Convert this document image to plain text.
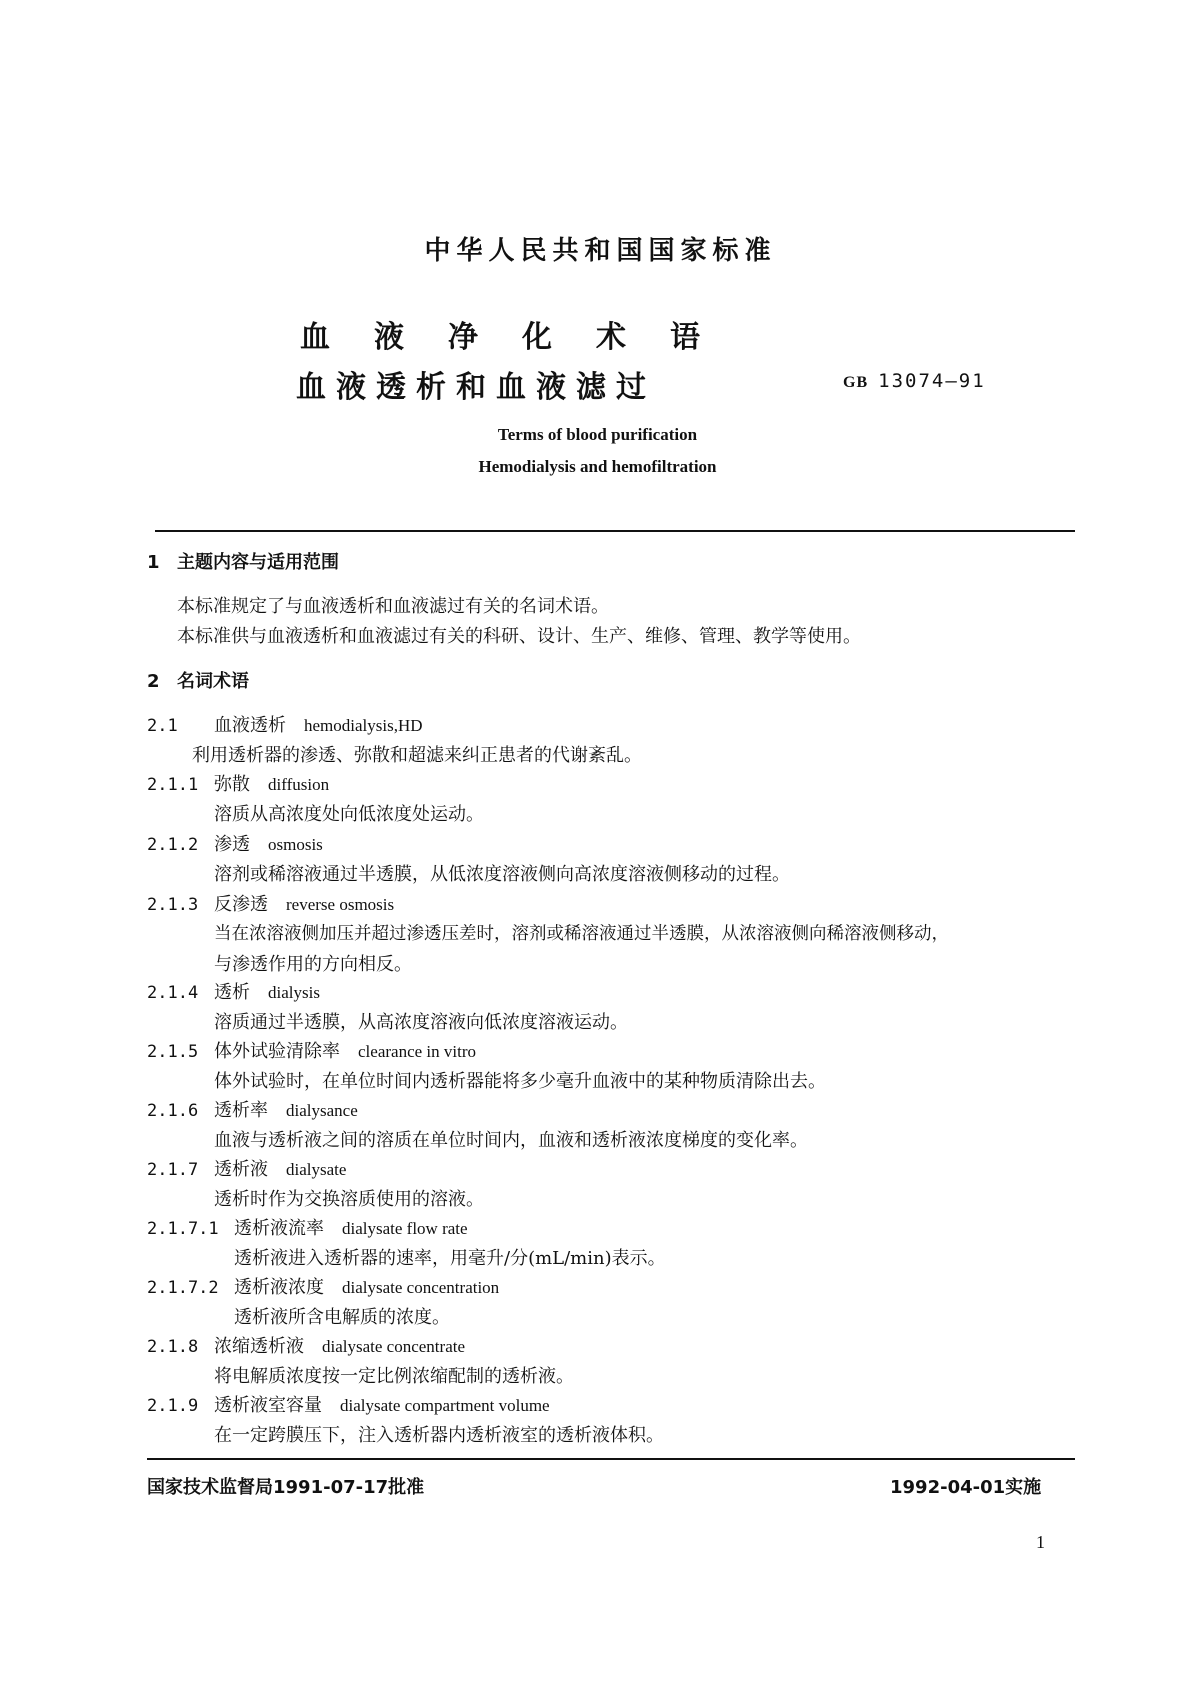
中华人民共和国国家标准
血液净化术语
血液透析和血液滤过	GB 13074—91
Terms of blood purification
Hemodialysis and hemofiltration
1 主题内容与适用范围
本标准规定了与血液透析和血液滤过有关的名词术语。
本标准供与血液透析和血液滤过有关的科研、设计、生产、维修、管理、教学等使用。
2 名词术语
2.1 血液透析 hemodialysis,HD
利用透析器的渗透、弥散和超滤来纠正患者的代谢紊乱。
2.1.1 弥散 diffusion
溶质从高浓度处向低浓度处运动。
2.1.2 渗透 osmosis
溶剂或稀溶液通过半透膜，从低浓度溶液侧向高浓度溶液侧移动的过程。
2.1.3 反渗透 reverse osmosis
当在浓溶液侧加压并超过渗透压差时，溶剂或稀溶液通过半透膜，从浓溶液侧向稀溶液侧移动，
与渗透作用的方向相反。
2.1.4 透析 dialysis
溶质通过半透膜，从高浓度溶液向低浓度溶液运动。
2.1.5 体外试验清除率 clearance in vitro
体外试验时，在单位时间内透析器能将多少毫升血液中的某种物质清除出去。
2.1.6 透析率 dialysance
血液与透析液之间的溶质在单位时间内，血液和透析液浓度梯度的变化率。
2.1.7 透析液 dialysate
透析时作为交换溶质使用的溶液。
2.1.7.1 透析液流率 dialysate flow rate
透析液进入透析器的速率，用毫升/分(mL/min)表示。
2.1.7.2 透析液浓度 dialysate concentration
透析液所含电解质的浓度。
2.1.8 浓缩透析液 dialysate concentrate
将电解质浓度按一定比例浓缩配制的透析液。
2.1.9 透析液室容量 dialysate compartment volume
在一定跨膜压下，注入透析器内透析液室的透析液体积。
国家技术监督局1991-07-17批准	1992-04-01实施
1
